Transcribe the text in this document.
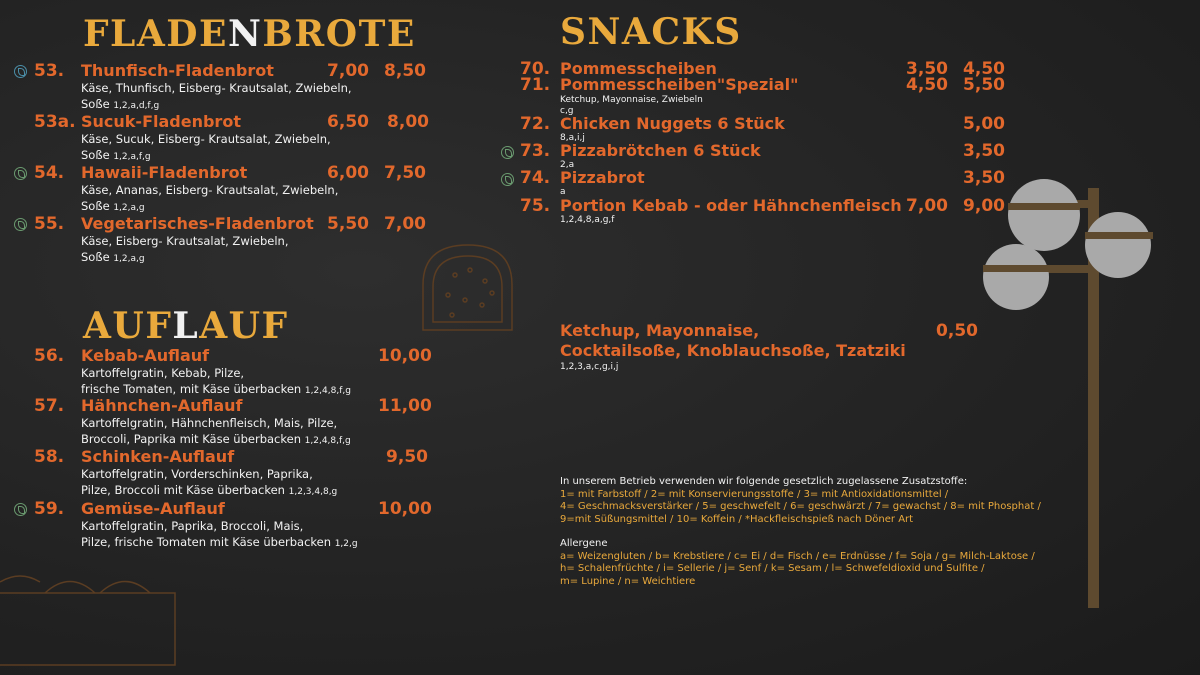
FLADENBROTE
53. Thunfisch-Fladenbrot	7,00 8,50
Käse, Thunfisch, Eisberg- Krautsalat, Zwiebeln,
Soße 1,2,a,d,f,g
53a. Sucuk-Fladenbrot	6,50	8,00
Käse, Sucuk, Eisberg- Krautsalat, Zwiebeln,
Soße 1,2,a,f,g
54. Hawaii-Fladenbrot	6,00 7,50
Käse, Ananas, Eisberg- Krautsalat, Zwiebeln,
Soße 1,2,a,g
55. Vegetarisches-Fladenbrot 5,50 7,00
Käse, Eisberg- Krautsalat, Zwiebeln,
Soße 1,2,a,g
AUFLAUF
56. Kebab-Auflauf	10,00
Kartoffelgratin, Kebab, Pilze,
frische Tomaten, mit Käse überbacken 1,2,4,8,f,g
57. Hähnchen-Auflauf	11,00
Kartoffelgratin, Hähnchenfleisch, Mais, Pilze,
Broccoli, Paprika mit Käse überbacken 1,2,4,8,f,g
58. Schinken-Auflauf	9,50
Kartoffelgratin, Vorderschinken, Paprika,
Pilze, Broccoli mit Käse überbacken 1,2,3,4,8,g
59. Gemüse-Auflauf	10,00
Kartoffelgratin, Paprika, Broccoli, Mais,
Pilze, frische Tomaten mit Käse überbacken 1,2,g
SNACKS
70. Pommesscheiben	3,50 4,50
71. Pommesscheiben"Spezial"	4,50 5,50
Ketchup, Mayonnaise, Zwiebeln
c,g
72. Chicken Nuggets 6 Stück	5,00
8,a,i,j
73. Pizzabrötchen 6 Stück	3,50
2,a
74. Pizzabrot	3,50
a
75. Portion Kebab - oder Hähnchenfleisch 7,00 9,00
1,2,4,8,a,g,f
Ketchup, Mayonnaise,
Cocktailsoße, Knoblauchsoße, Tzatziki
0,50
1,2,3,a,c,g,i,j
In unserem Betrieb verwenden wir folgende gesetzlich zugelassene Zusatzstoffe:
1= mit Farbstoff / 2= mit Konservierungsstoffe / 3= mit Antioxidationsmittel /
4= Geschmacksverstärker / 5= geschwefelt / 6= geschwärzt / 7= gewachst / 8= mit Phosphat /
9=mit Süßungsmittel / 10= Koffein / *Hackfleischspieß nach Döner Art
Allergene
a= Weizengluten / b= Krebstiere / c= Ei / d= Fisch / e= Erdnüsse / f= Soja / g= Milch-Laktose /
h= Schalenfrüchte / i= Sellerie / j= Senf / k= Sesam / l= Schwefeldioxid und Sulfite /
m= Lupine / n= Weichtiere
